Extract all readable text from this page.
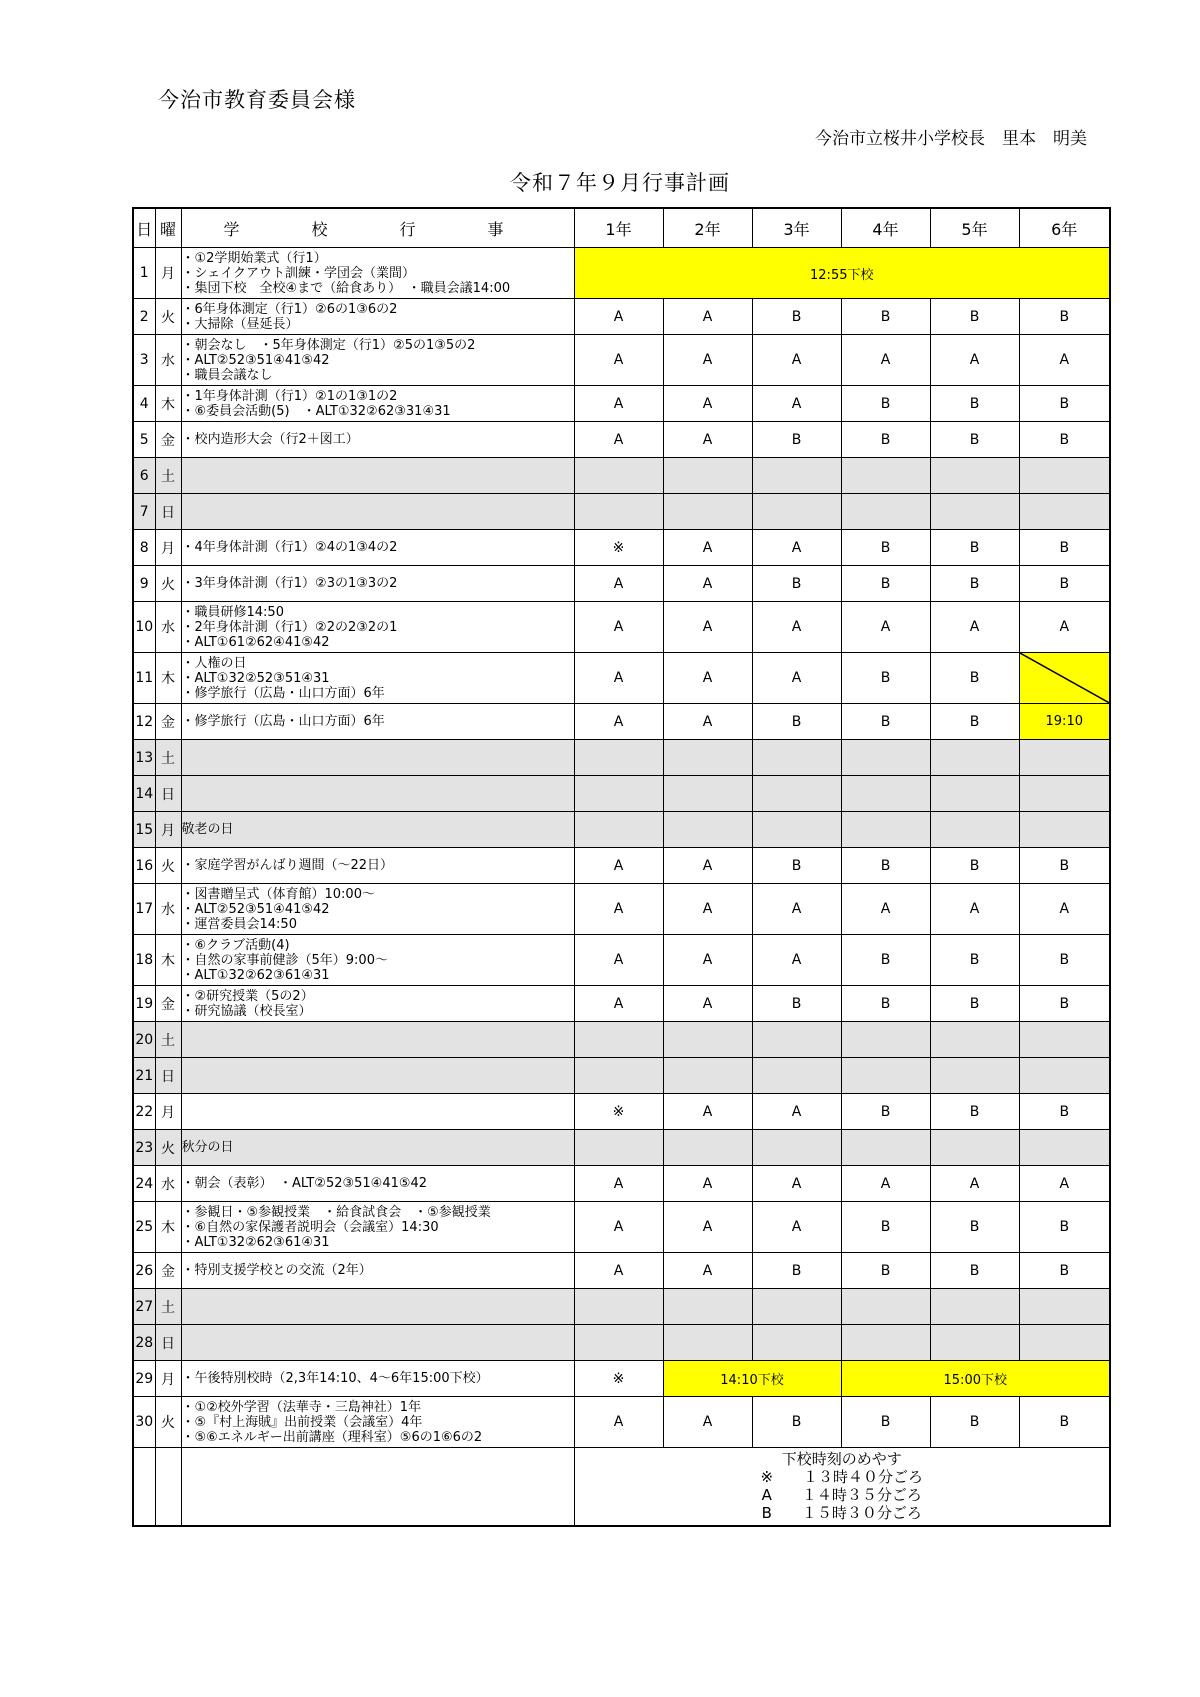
今治市教育委員会様
今治市立桜井小学校長　里本　明美
令和７年９月行事計画
日	曜	学　校　行　事	1年	2年	3年	4年	5年	6年
1	月	・①2学期始業式（行1）
・シェイクアウト訓練・学団会（業間）
・集団下校　全校④まで（給食あり）　・職員会議14:00	12:55下校					
2	火	・6年身体測定（行1）②6の1③6の2
・大掃除（昼延長）	A	A	B	B	B	B
3	水	・朝会なし　・5年身体測定（行1）②5の1③5の2
・ALT②52③51④41⑤42
・職員会議なし	A	A	A	A	A	A
4	木	・1年身体計測（行1）②1の1③1の2
・⑥委員会活動(5)　・ALT①32②62③31④31	A	A	A	B	B	B
5	金	・校内造形大会（行2＋図工）	A	A	B	B	B	B
6	土							
7	日							
8	月	・4年身体計測（行1）②4の1③4の2	※	A	A	B	B	B
9	火	・3年身体計測（行1）②3の1③3の2	A	A	B	B	B	B
10	水	・職員研修14:50
・2年身体計測（行1）②2の2③2の1
・ALT①61②62④41⑤42	A	A	A	A	A	A
11	木	・人権の日
・ALT①32②52③51④31
・修学旅行（広島・山口方面）6年	A	A	A	B	B	

12	金	・修学旅行（広島・山口方面）6年	A	A	B	B	B	19:10
13	土							
14	日							
15	月	敬老の日						
16	火	・家庭学習がんばり週間（～22日）	A	A	B	B	B	B
17	水	・図書贈呈式（体育館）10:00～
・ALT②52③51④41⑤42
・運営委員会14:50	A	A	A	A	A	A
18	木	・⑥クラブ活動(4)
・自然の家事前健診（5年）9:00～
・ALT①32②62③61④31	A	A	A	B	B	B
19	金	・②研究授業（5の2）
・研究協議（校長室）	A	A	B	B	B	B
20	土							
21	日							
22	月		※	A	A	B	B	B
23	火	秋分の日						
24	水	・朝会（表彰）　・ALT②52③51④41⑤42	A	A	A	A	A	A
25	木	・参観日・⑤参観授業　・給食試食会　・⑤参観授業
・⑥自然の家保護者説明会（会議室）14:30
・ALT①32②62③61④31	A	A	A	B	B	B
26	金	・特別支援学校との交流（2年）	A	A	B	B	B	B
27	土							
28	日							
29	月	・午後特別校時（2,3年14:10、4～6年15:00下校）	※	14:10下校		15:00下校		
30	火	・①②校外学習（法華寺・三島神社）1年
・⑤『村上海賊』出前授業（会議室）4年
・⑤⑥エネルギー出前講座（理科室）⑤6の1⑥6の2	A	A	B	B	B	B

			下校時刻のめやす
※　　１３時４０分ごろ
A　　１４時３５分ごろ
B　　１５時３０分ごろ					
